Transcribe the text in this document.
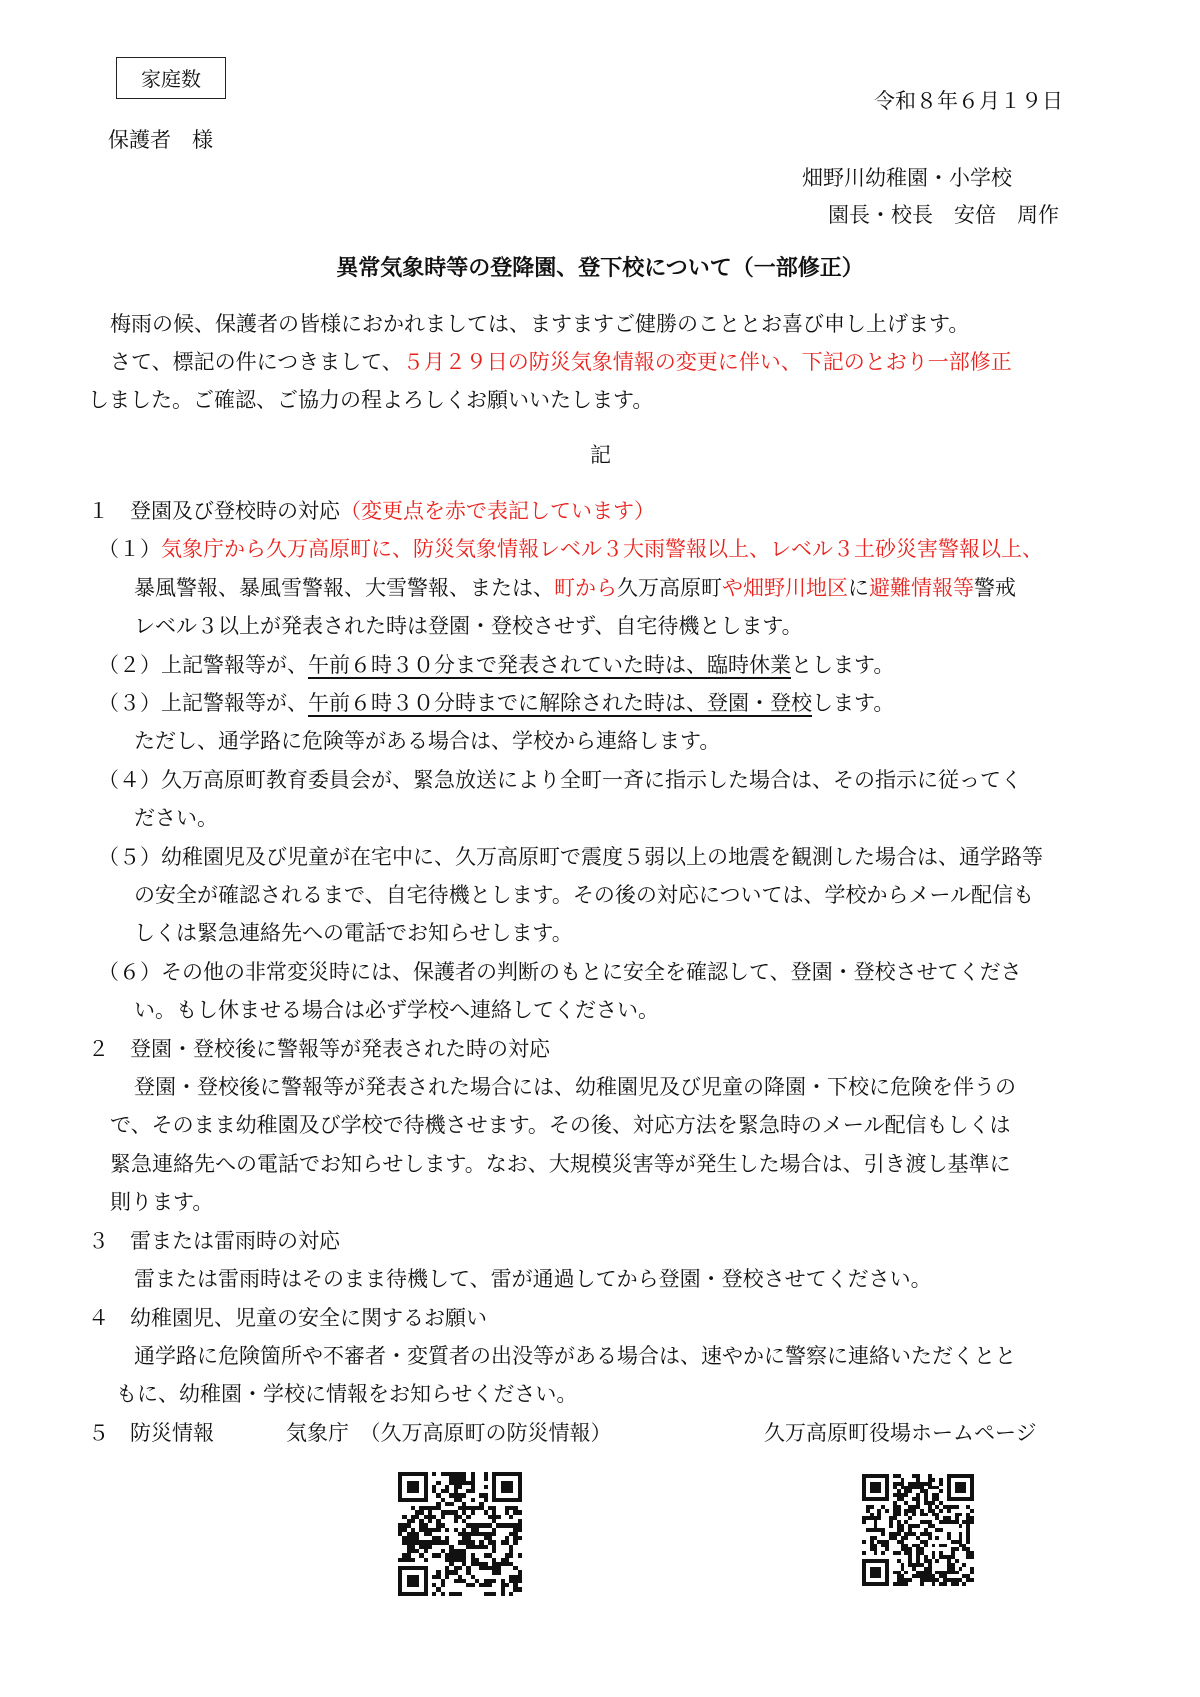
家庭数
令和８年６月１９日
保護者　様
畑野川幼稚園・小学校
園長・校長　安倍　周作
異常気象時等の登降園、登下校について（一部修正）
梅雨の候、保護者の皆様におかれましては、ますますご健勝のこととお喜び申し上げます。
さて、標記の件につきまして、５月２９日の防災気象情報の変更に伴い、下記のとおり一部修正
しました。ご確認、ご協力の程よろしくお願いいたします。
記
１　登園及び登校時の対応（変更点を赤で表記しています）
（１）気象庁から久万高原町に、防災気象情報レベル３大雨警報以上、レベル３土砂災害警報以上、
暴風警報、暴風雪警報、大雪警報、または、町から久万高原町や畑野川地区に避難情報等警戒
レベル３以上が発表された時は登園・登校させず、自宅待機とします。
（２）上記警報等が、午前６時３０分まで発表されていた時は、臨時休業とします。
（３）上記警報等が、午前６時３０分時までに解除された時は、登園・登校します。
ただし、通学路に危険等がある場合は、学校から連絡します。
（４）久万高原町教育委員会が、緊急放送により全町一斉に指示した場合は、その指示に従ってく
ださい。
（５）幼稚園児及び児童が在宅中に、久万高原町で震度５弱以上の地震を観測した場合は、通学路等
の安全が確認されるまで、自宅待機とします。その後の対応については、学校からメール配信も
しくは緊急連絡先への電話でお知らせします。
（６）その他の非常変災時には、保護者の判断のもとに安全を確認して、登園・登校させてくださ
い。もし休ませる場合は必ず学校へ連絡してください。
２　登園・登校後に警報等が発表された時の対応
登園・登校後に警報等が発表された場合には、幼稚園児及び児童の降園・下校に危険を伴うの
で、そのまま幼稚園及び学校で待機させます。その後、対応方法を緊急時のメール配信もしくは
緊急連絡先への電話でお知らせします。なお、大規模災害等が発生した場合は、引き渡し基準に
則ります。
３　雷または雷雨時の対応
雷または雷雨時はそのまま待機して、雷が通過してから登園・登校させてください。
４　幼稚園児、児童の安全に関するお願い
通学路に危険箇所や不審者・変質者の出没等がある場合は、速やかに警察に連絡いただくとと
もに、幼稚園・学校に情報をお知らせください。
５　防災情報	気象庁　（久万高原町の防災情報）	久万高原町役場ホームページ
